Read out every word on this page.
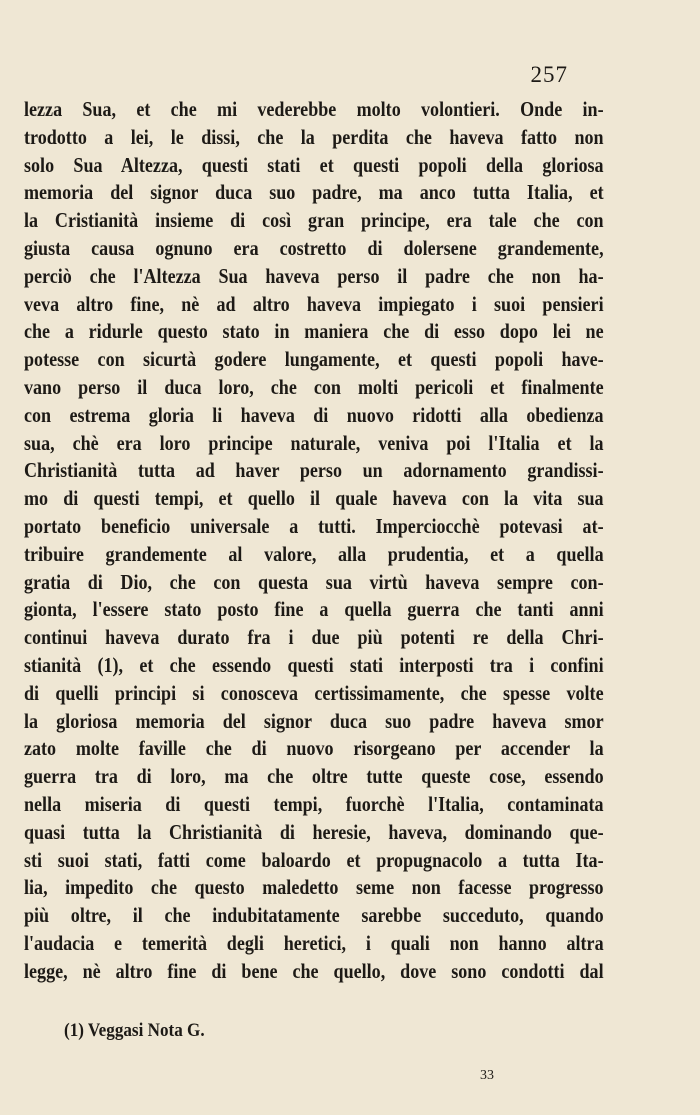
257
lezza Sua, et che mi vederebbe molto volontieri. Onde in-
trodotto a lei, le dissi, che la perdita che haveva fatto non
solo Sua Altezza, questi stati et questi popoli della gloriosa
memoria del signor duca suo padre, ma anco tutta Italia, et
la Cristianità insieme di così gran principe, era tale che con
giusta causa ognuno era costretto di dolersene grandemente,
perciò che l'Altezza Sua haveva perso il padre che non ha-
veva altro fine, nè ad altro haveva impiegato i suoi pensieri
che a ridurle questo stato in maniera che di esso dopo lei ne
potesse con sicurtà godere lungamente, et questi popoli have-
vano perso il duca loro, che con molti pericoli et finalmente
con estrema gloria li haveva di nuovo ridotti alla obedienza
sua, chè era loro principe naturale, veniva poi l'Italia et la
Christianità tutta ad haver perso un adornamento grandissi-
mo di questi tempi, et quello il quale haveva con la vita sua
portato beneficio universale a tutti. Imperciocchè potevasi at-
tribuire grandemente al valore, alla prudentia, et a quella
gratia di Dio, che con questa sua virtù haveva sempre con-
gionta, l'essere stato posto fine a quella guerra che tanti anni
continui haveva durato fra i due più potenti re della Chri-
stianità (1), et che essendo questi stati interposti tra i confini
di quelli principi si conosceva certissimamente, che spesse volte
la gloriosa memoria del signor duca suo padre haveva smor
zato molte faville che di nuovo risorgeano per accender la
guerra tra di loro, ma che oltre tutte queste cose, essendo
nella miseria di questi tempi, fuorchè l'Italia, contaminata
quasi tutta la Christianità di heresie, haveva, dominando que-
sti suoi stati, fatti come baloardo et propugnacolo a tutta Ita-
lia, impedito che questo maledetto seme non facesse progresso
più oltre, il che indubitatamente sarebbe succeduto, quando
l'audacia e temerità degli heretici, i quali non hanno altra
legge, nè altro fine di bene che quello, dove sono condotti dal
(1) Veggasi Nota G.
33
